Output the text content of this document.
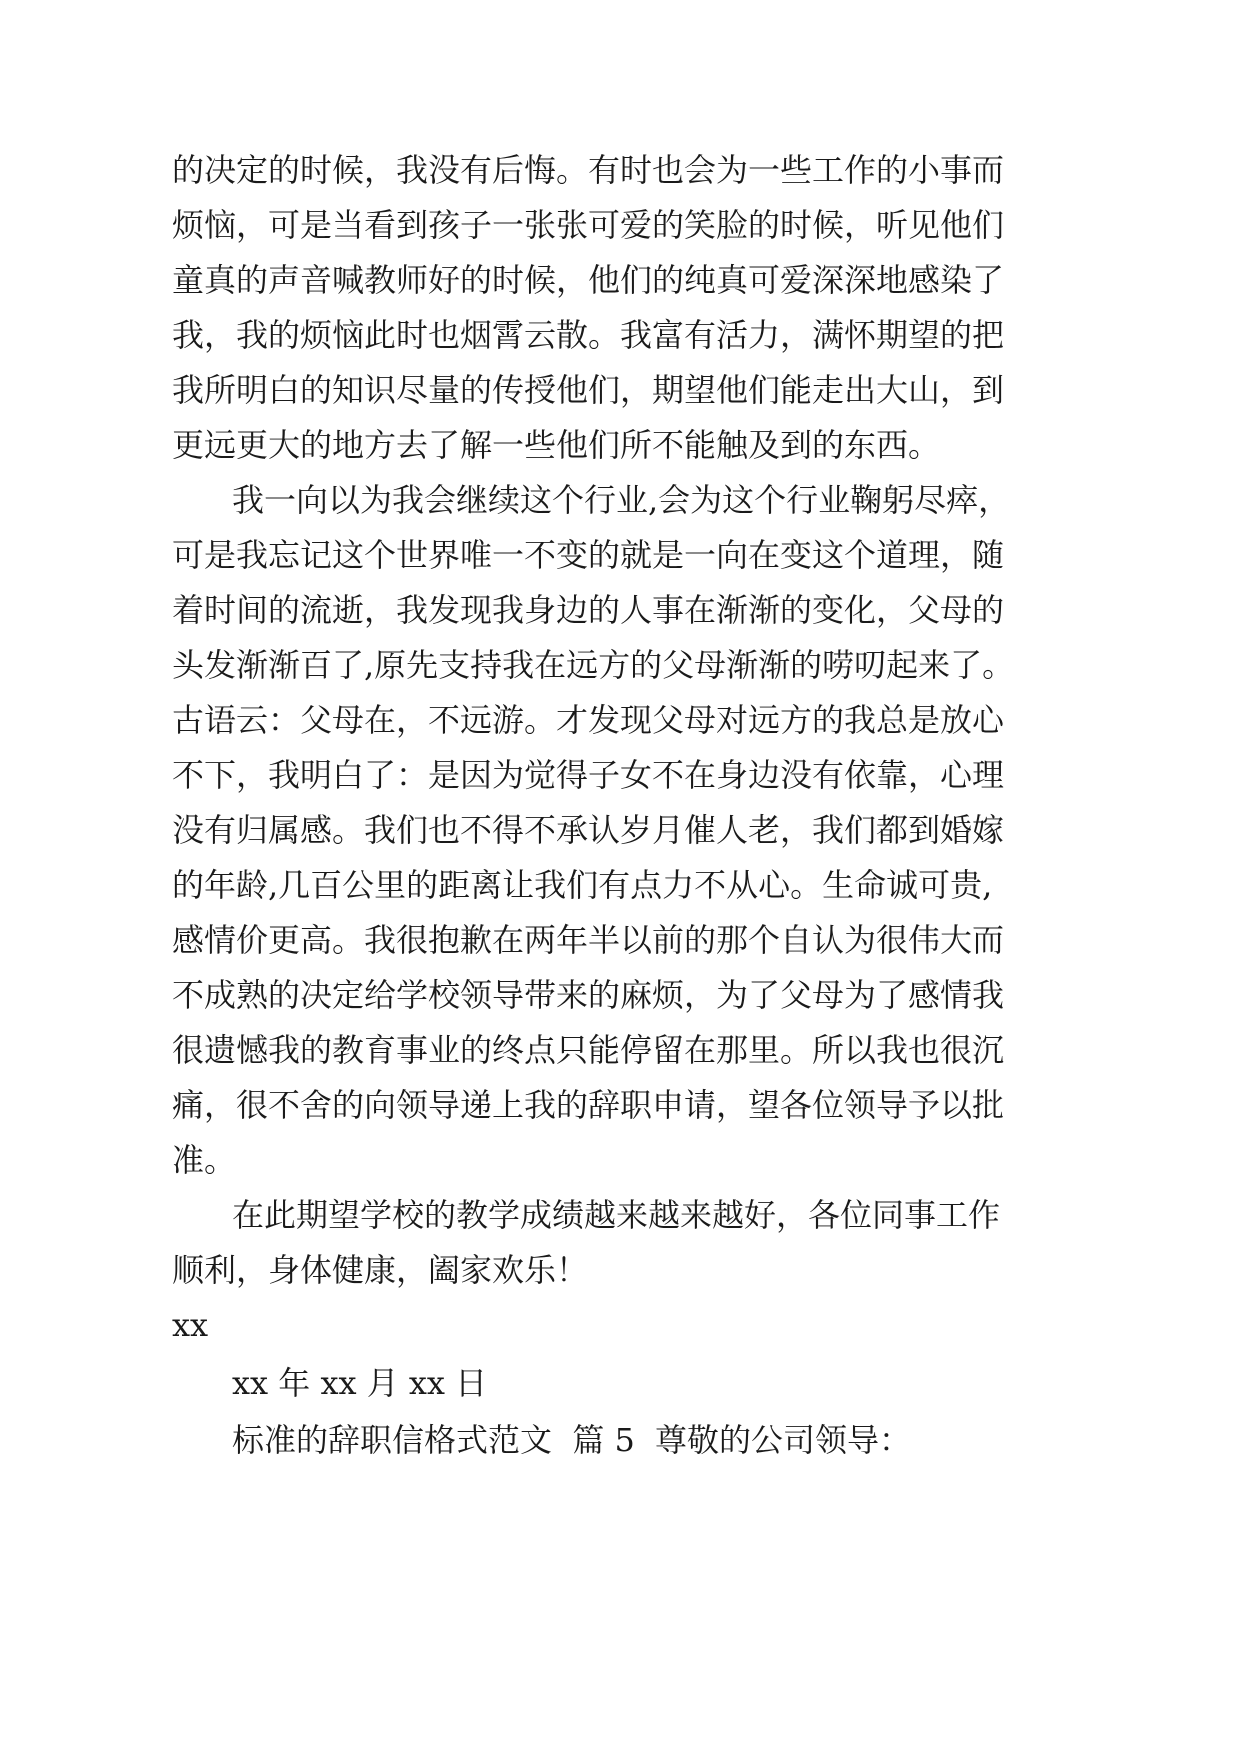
的决定的时候，我没有后悔。有时也会为一些工作的小事而
烦恼，可是当看到孩子一张张可爱的笑脸的时候，听见他们
童真的声音喊教师好的时候，他们的纯真可爱深深地感染了
我，我的烦恼此时也烟霄云散。我富有活力，满怀期望的把
我所明白的知识尽量的传授他们，期望他们能走出大山，到
更远更大的地方去了解一些他们所不能触及到的东西。
我一向以为我会继续这个行业,会为这个行业鞠躬尽瘁，
可是我忘记这个世界唯一不变的就是一向在变这个道理，随
着时间的流逝，我发现我身边的人事在渐渐的变化，父母的
头发渐渐百了,原先支持我在远方的父母渐渐的唠叨起来了。
古语云：父母在，不远游。才发现父母对远方的我总是放心
不下，我明白了：是因为觉得子女不在身边没有依靠，心理
没有归属感。我们也不得不承认岁月催人老，我们都到婚嫁
的年龄,几百公里的距离让我们有点力不从心。生命诚可贵,
感情价更高。我很抱歉在两年半以前的那个自认为很伟大而
不成熟的决定给学校领导带来的麻烦，为了父母为了感情我
很遗憾我的教育事业的终点只能停留在那里。所以我也很沉
痛，很不舍的向领导递上我的辞职申请，望各位领导予以批
准。
在此期望学校的教学成绩越来越来越好，各位同事工作
顺利，身体健康，阖家欢乐！
xx
xx 年 xx 月 xx 日
标准的辞职信格式范文  篇 5 尊敬的公司领导：
